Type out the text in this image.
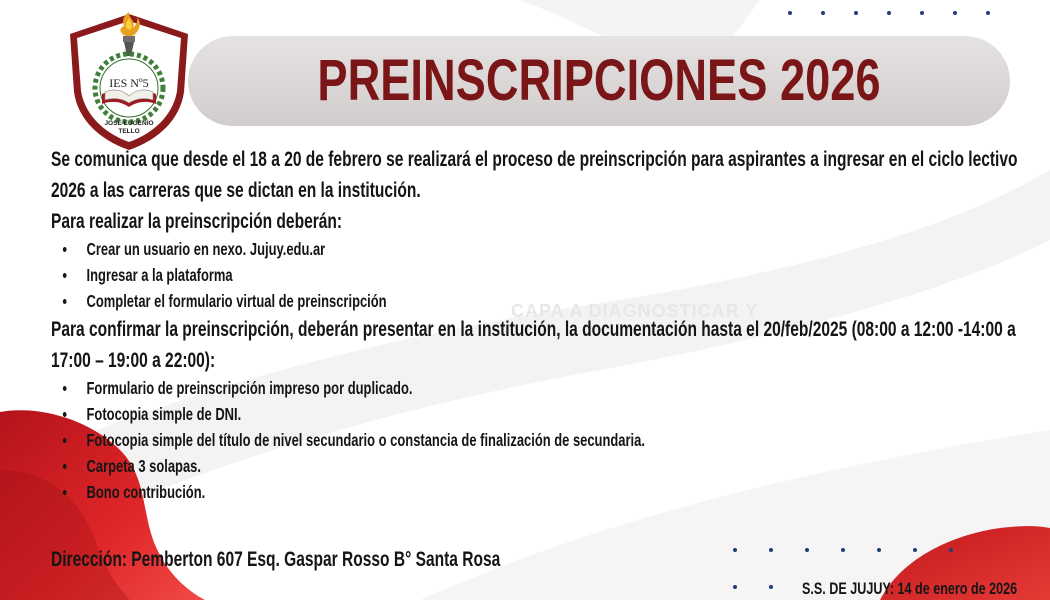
PREINSCRIPCIONES 2026
IES Nº5
JOSÉ EUGENIO
TELLO
CAPA A DIAGNOSTICAR Y

Se comunica que desde el 18 a 20 de febrero se realizará el proceso de preinscripción para aspirantes a ingresar en el ciclo lectivo

2026 a las carreras que se dictan en la institución.

Para realizar la preinscripción deberán:

Crear un usuario en nexo. Jujuy.edu.ar
Ingresar a la plataforma
Completar el formulario virtual de preinscripción

Para confirmar la preinscripción, deberán presentar en la institución, la documentación hasta el 20/feb/2025 (08:00 a 12:00 -14:00 a

17:00 – 19:00 a 22:00):

Formulario de preinscripción impreso por duplicado.
Fotocopia simple de DNI.
Fotocopia simple del título de nivel secundario o constancia de finalización de secundaria.
Carpeta 3 solapas.
Bono contribución.
Dirección: Pemberton 607 Esq. Gaspar Rosso B° Santa Rosa
S.S. DE JUJUY: 14 de enero de 2026
